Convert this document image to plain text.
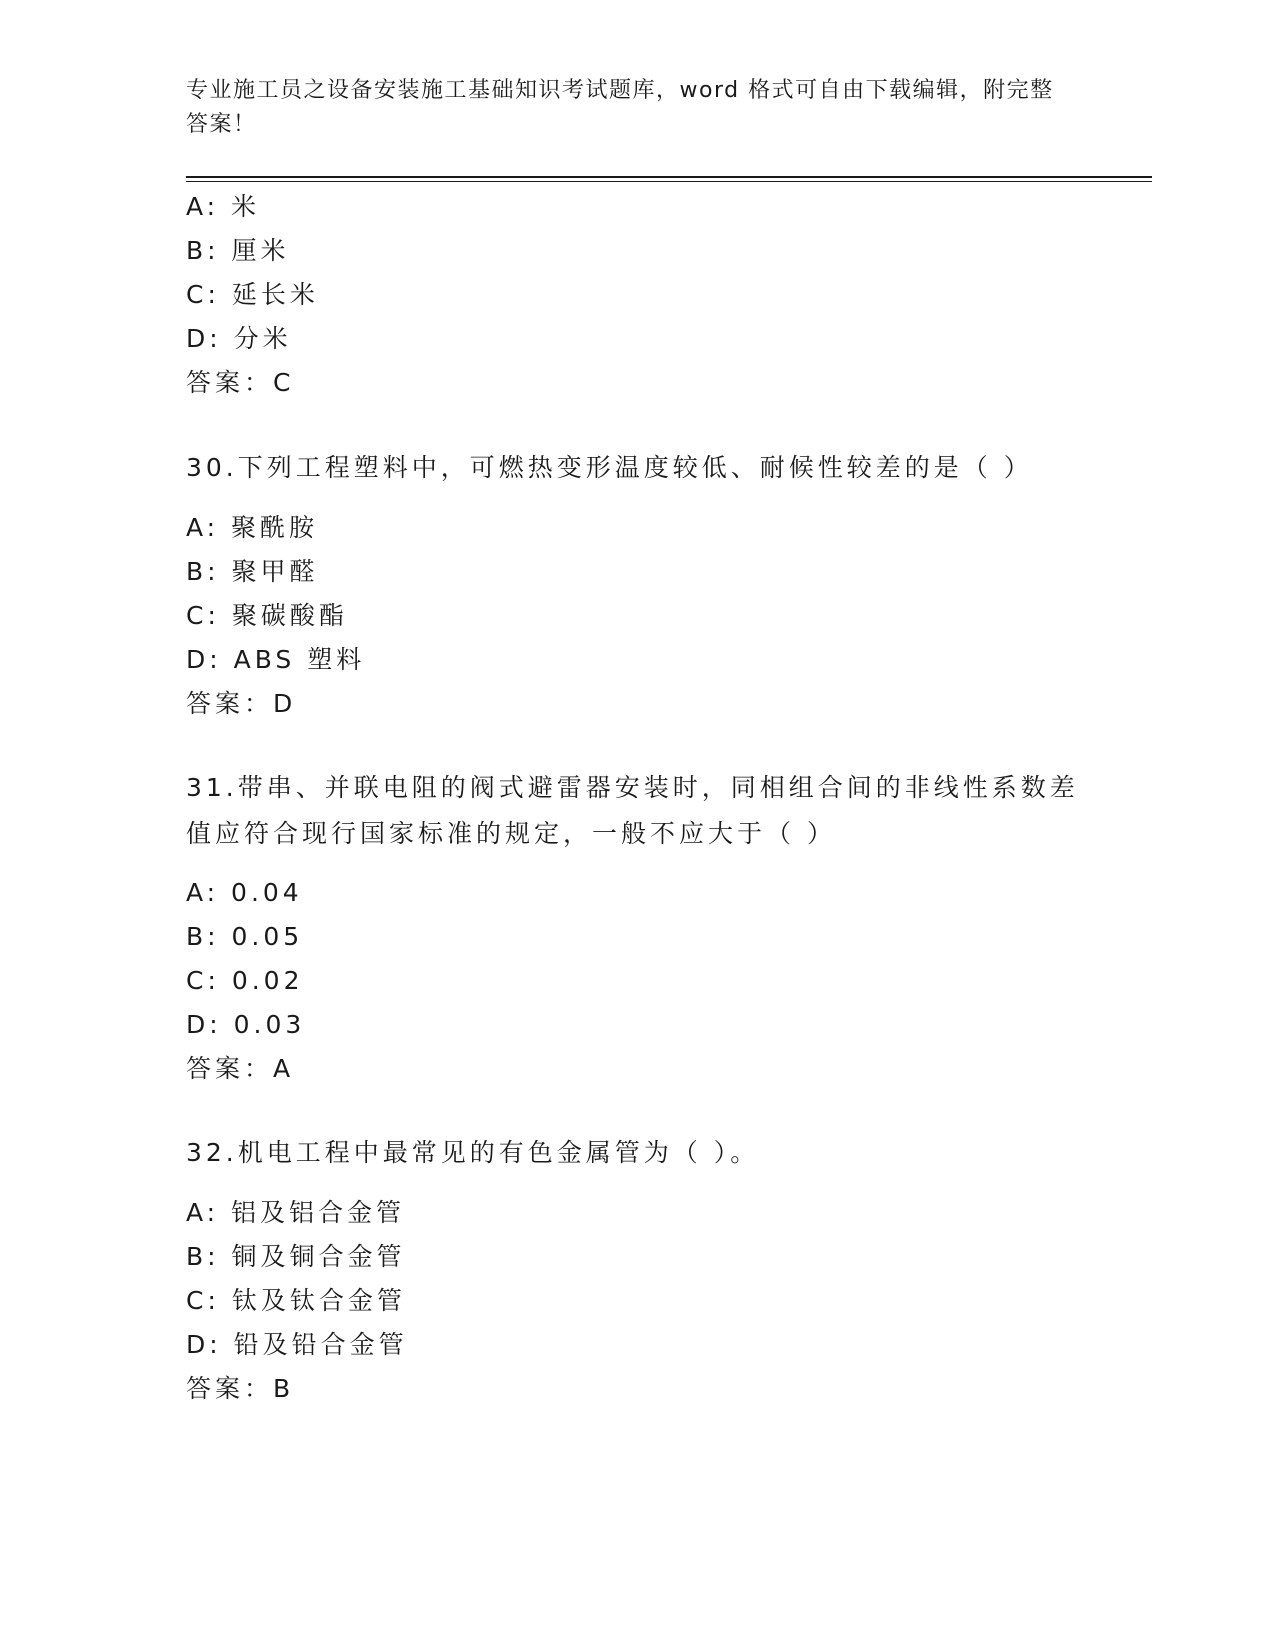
专业施工员之设备安装施工基础知识考试题库，word 格式可自由下载编辑，附完整答案！
A: 米
B: 厘米
C: 延长米
D: 分米
答案：C
30.下列工程塑料中，可燃热变形温度较低、耐候性较差的是（ ）
A: 聚酰胺
B: 聚甲醛
C: 聚碳酸酯
D: ABS 塑料
答案：D
31.带串、并联电阻的阀式避雷器安装时，同相组合间的非线性系数差值应符合现行国家标准的规定，一般不应大于（ ）
A: 0.04
B: 0.05
C: 0.02
D: 0.03
答案：A
32.机电工程中最常见的有色金属管为（ ）。
A: 铝及铝合金管
B: 铜及铜合金管
C: 钛及钛合金管
D: 铅及铅合金管
答案：B
